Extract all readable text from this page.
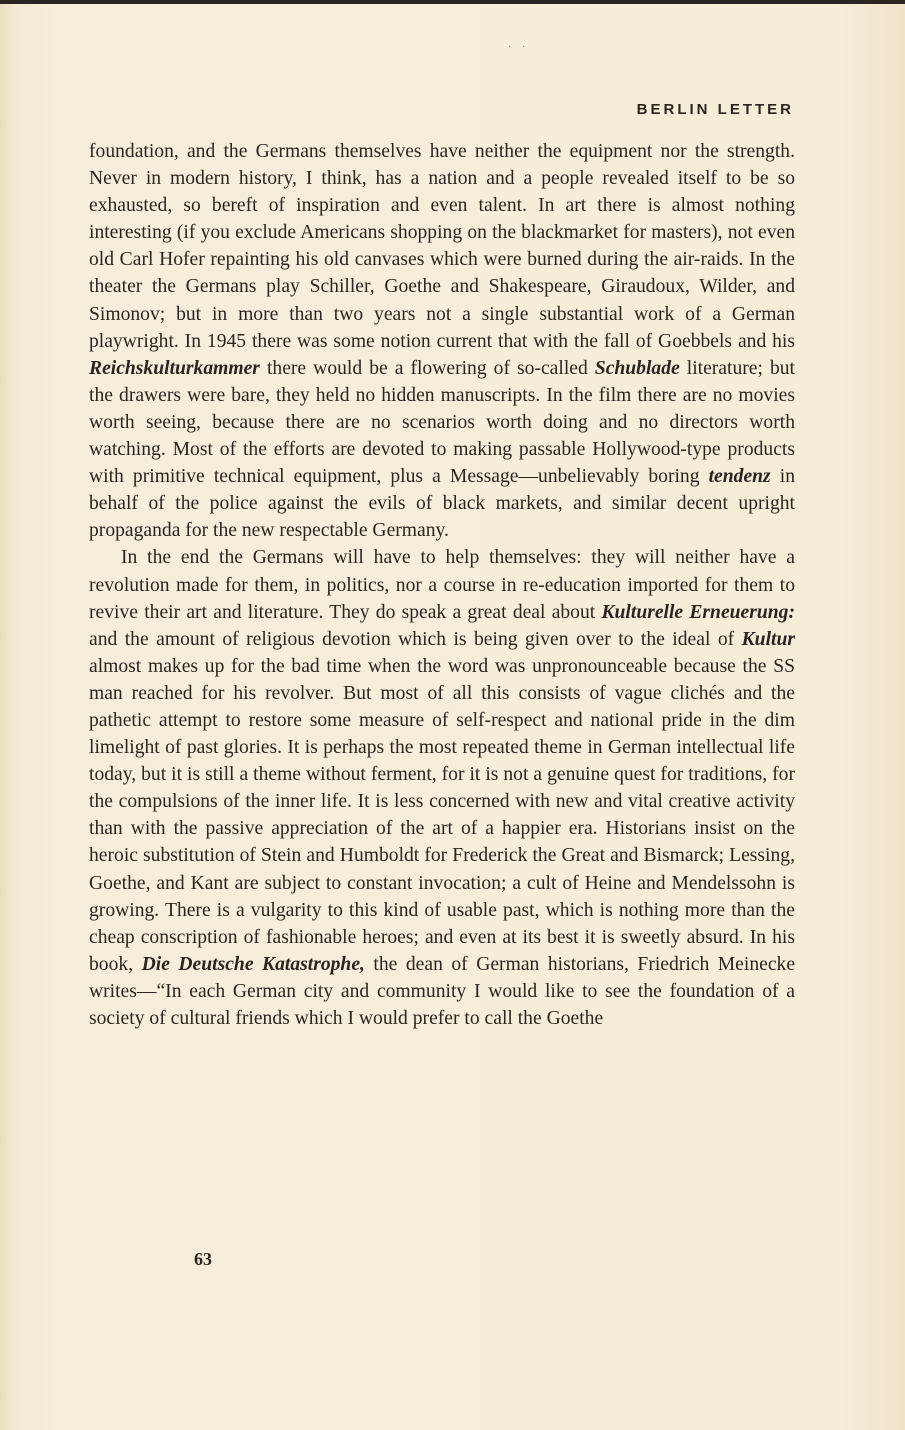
· ·
BERLIN LETTER

foundation, and the Germans themselves have neither the equipment nor the strength. Never in modern history, I think, has a nation and a people revealed itself to be so exhausted, so bereft of inspiration and even talent. In art there is almost nothing interesting (if you exclude Americans shopping on the blackmarket for masters), not even old Carl Hofer repainting his old canvases which were burned during the air-raids. In the theater the Germans play Schiller, Goethe and Shakespeare, Giraudoux, Wilder, and Simonov; but in more than two years not a single substantial work of a German playwright. In 1945 there was some notion current that with the fall of Goebbels and his Reichskulturkammer there would be a flowering of so-called Schublade literature; but the drawers were bare, they held no hidden manuscripts. In the film there are no movies worth seeing, because there are no scenarios worth doing and no directors worth watching. Most of the efforts are devoted to making passable Hollywood-type products with primitive technical equipment, plus a Message—unbelievably boring tendenz in behalf of the police against the evils of black markets, and similar decent upright propaganda for the new respectable Germany.

In the end the Germans will have to help themselves: they will neither have a revolution made for them, in politics, nor a course in re-education imported for them to revive their art and literature. They do speak a great deal about Kulturelle Erneuerung: and the amount of religious devotion which is being given over to the ideal of Kultur almost makes up for the bad time when the word was unpronounceable because the SS man reached for his revolver. But most of all this consists of vague clichés and the pathetic attempt to restore some measure of self-respect and national pride in the dim limelight of past glories. It is perhaps the most repeated theme in German intellectual life today, but it is still a theme without ferment, for it is not a genuine quest for traditions, for the compulsions of the inner life. It is less concerned with new and vital creative activity than with the passive appreciation of the art of a happier era. Historians insist on the heroic substitution of Stein and Humboldt for Frederick the Great and Bismarck; Lessing, Goethe, and Kant are subject to constant invocation; a cult of Heine and Mendelssohn is growing. There is a vulgarity to this kind of usable past, which is nothing more than the cheap conscription of fashionable heroes; and even at its best it is sweetly absurd. In his book, Die Deutsche Katastrophe, the dean of German historians, Friedrich Meinecke writes—“In each German city and community I would like to see the foundation of a society of cultural friends which I would prefer to call the Goethe

63
